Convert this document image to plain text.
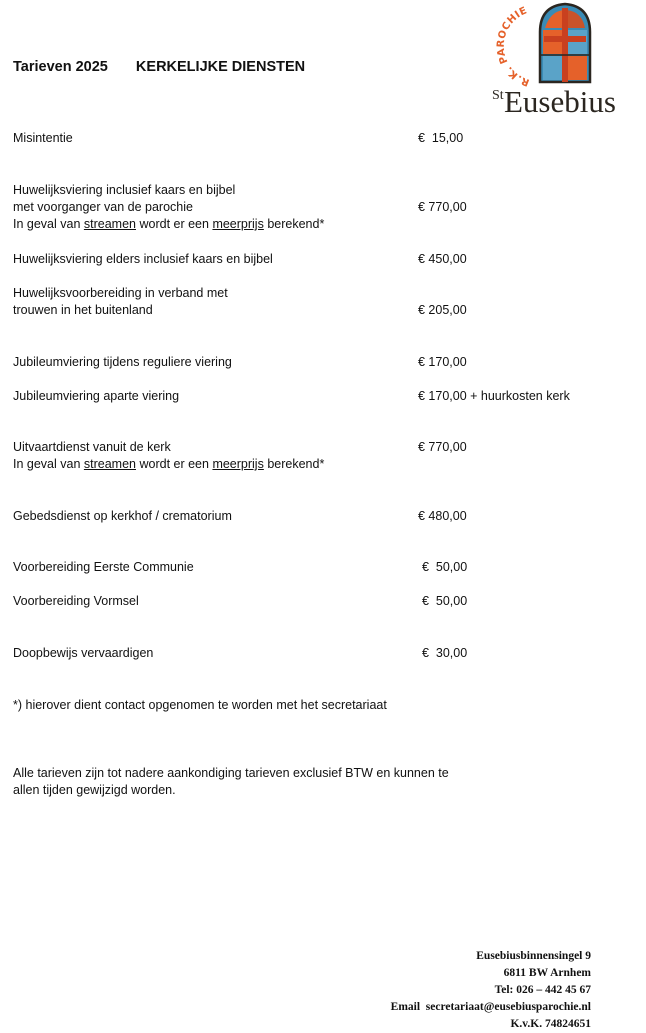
R.K. PAROCHIE
St Eusebius
Tarieven 2025 KERKELIJKE DIENSTEN
Misintentie	€  15,00
Huwelijksviering inclusief kaars en bijbel
met voorganger van de parochie
In geval van streamen wordt er een meerprijs berekend*
€ 770,00
Huwelijksviering elders inclusief kaars en bijbel	€ 450,00
Huwelijksvoorbereiding in verband met
trouwen in het buitenland	€ 205,00
Jubileumviering tijdens reguliere viering	€ 170,00
Jubileumviering aparte viering	€ 170,00 + huurkosten kerk
Uitvaartdienst vanuit de kerk
In geval van streamen wordt er een meerprijs berekend*
€ 770,00
Gebedsdienst op kerkhof / crematorium	€ 480,00
Voorbereiding Eerste Communie	€  50,00
Voorbereiding Vormsel	€  50,00
Doopbewijs vervaardigen	€  30,00
*) hierover dient contact opgenomen te worden met het secretariaat
Alle tarieven zijn tot nadere aankondiging tarieven exclusief BTW en kunnen te
allen tijden gewijzigd worden.
Eusebiusbinnensingel 9
6811 BW Arnhem
Tel: 026 – 442 45 67
Email  secretariaat@eusebiusparochie.nl
K.v.K. 74824651
